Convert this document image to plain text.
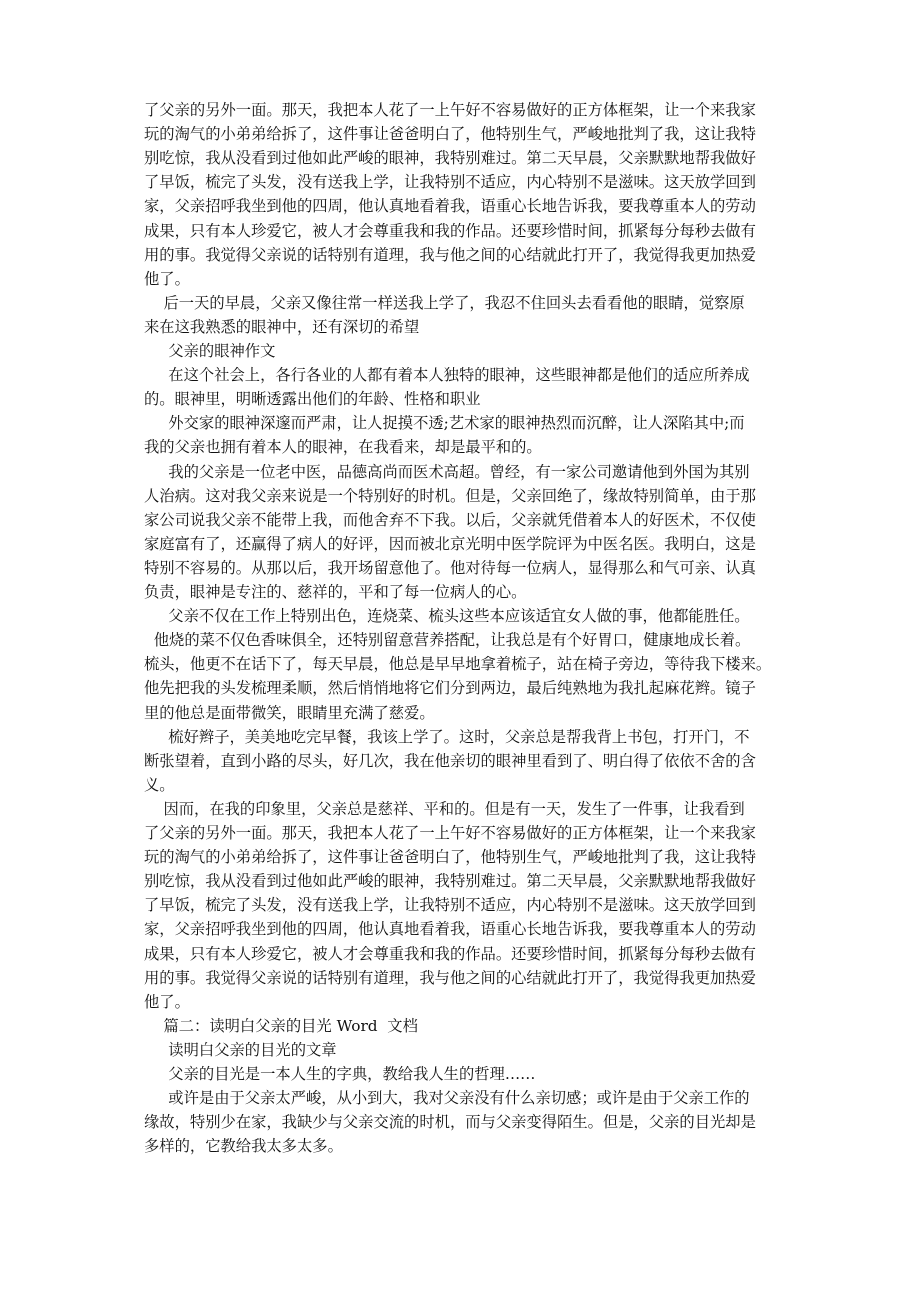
了父亲的另外一面。那天，我把本人花了一上午好不容易做好的正方体框架，让一个来我家
玩的淘气的小弟弟给拆了，这件事让爸爸明白了，他特别生气，严峻地批判了我，这让我特
别吃惊，我从没看到过他如此严峻的眼神，我特别难过。第二天早晨，父亲默默地帮我做好
了早饭，梳完了头发，没有送我上学，让我特别不适应，内心特别不是滋味。这天放学回到
家，父亲招呼我坐到他的四周，他认真地看着我，语重心长地告诉我，要我尊重本人的劳动
成果，只有本人珍爱它，被人才会尊重我和我的作品。还要珍惜时间，抓紧每分每秒去做有
用的事。我觉得父亲说的话特别有道理，我与他之间的心结就此打开了，我觉得我更加热爱
他了。
后一天的早晨，父亲又像往常一样送我上学了，我忍不住回头去看看他的眼睛，觉察原
来在这我熟悉的眼神中，还有深切的希望
父亲的眼神作文
在这个社会上，各行各业的人都有着本人独特的眼神，这些眼神都是他们的适应所养成
的。眼神里，明晰透露出他们的年龄、性格和职业
外交家的眼神深邃而严肃，让人捉摸不透;艺术家的眼神热烈而沉醉，让人深陷其中;而
我的父亲也拥有着本人的眼神，在我看来，却是最平和的。
我的父亲是一位老中医，品德高尚而医术高超。曾经，有一家公司邀请他到外国为其别
人治病。这对我父亲来说是一个特别好的时机。但是，父亲回绝了，缘故特别简单，由于那
家公司说我父亲不能带上我，而他舍弃不下我。以后，父亲就凭借着本人的好医术，不仅使
家庭富有了，还赢得了病人的好评，因而被北京光明中医学院评为中医名医。我明白，这是
特别不容易的。从那以后，我开场留意他了。他对待每一位病人，显得那么和气可亲、认真
负责，眼神是专注的、慈祥的，平和了每一位病人的心。
父亲不仅在工作上特别出色，连烧菜、梳头这些本应该适宜女人做的事，他都能胜任。
他烧的菜不仅色香味俱全，还特别留意营养搭配，让我总是有个好胃口，健康地成长着。
梳头，他更不在话下了，每天早晨，他总是早早地拿着梳子，站在椅子旁边，等待我下楼来。
他先把我的头发梳理柔顺，然后悄悄地将它们分到两边，最后纯熟地为我扎起麻花辫。镜子
里的他总是面带微笑，眼睛里充满了慈爱。
梳好辫子，美美地吃完早餐，我该上学了。这时，父亲总是帮我背上书包，打开门，不
断张望着，直到小路的尽头，好几次，我在他亲切的眼神里看到了、明白得了依依不舍的含
义。
因而，在我的印象里，父亲总是慈祥、平和的。但是有一天，发生了一件事，让我看到
了父亲的另外一面。那天，我把本人花了一上午好不容易做好的正方体框架，让一个来我家
玩的淘气的小弟弟给拆了，这件事让爸爸明白了，他特别生气，严峻地批判了我，这让我特
别吃惊，我从没看到过他如此严峻的眼神，我特别难过。第二天早晨，父亲默默地帮我做好
了早饭，梳完了头发，没有送我上学，让我特别不适应，内心特别不是滋味。这天放学回到
家，父亲招呼我坐到他的四周，他认真地看着我，语重心长地告诉我，要我尊重本人的劳动
成果，只有本人珍爱它，被人才会尊重我和我的作品。还要珍惜时间，抓紧每分每秒去做有
用的事。我觉得父亲说的话特别有道理，我与他之间的心结就此打开了，我觉得我更加热爱
他了。
篇二：读明白父亲的目光 Word  文档
读明白父亲的目光的文章
父亲的目光是一本人生的字典，教给我人生的哲理……
或许是由于父亲太严峻，从小到大，我对父亲没有什么亲切感；或许是由于父亲工作的
缘故，特别少在家，我缺少与父亲交流的时机，而与父亲变得陌生。但是，父亲的目光却是
多样的，它教给我太多太多。
